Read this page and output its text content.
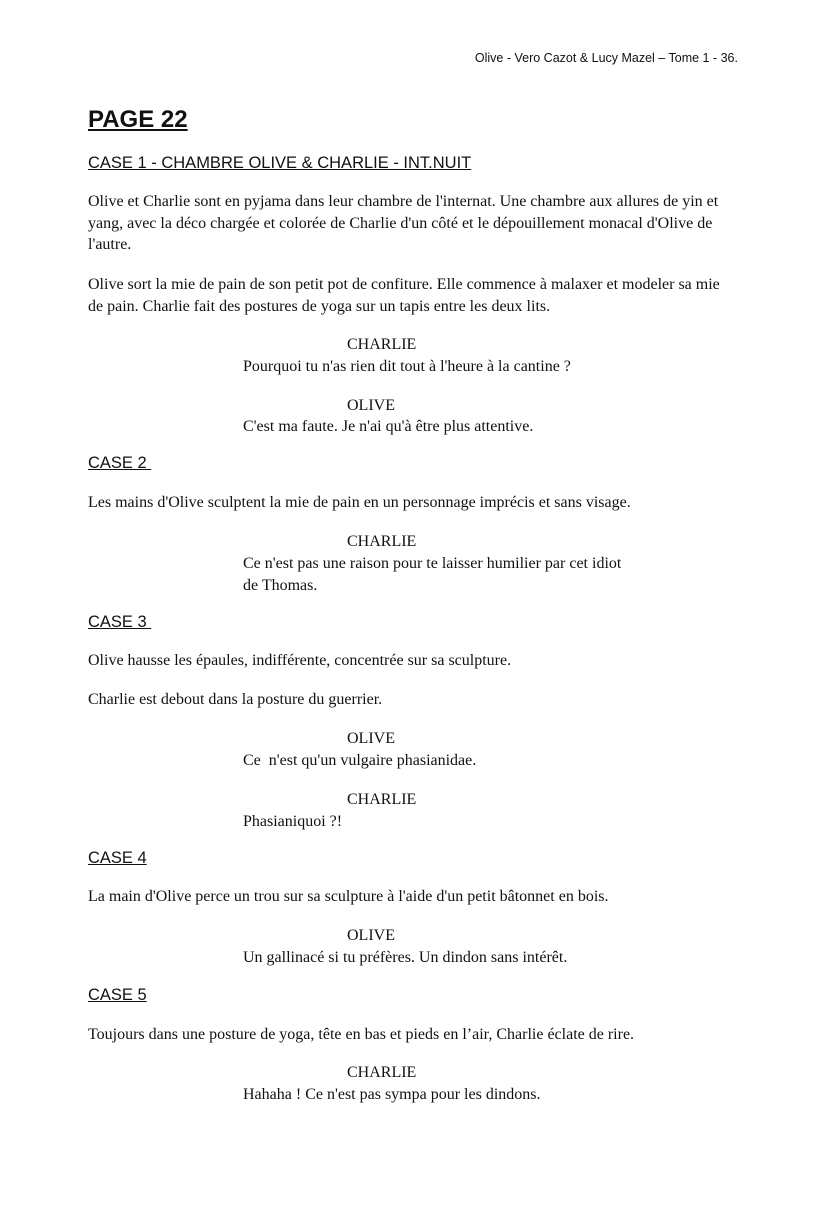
Olive - Vero Cazot & Lucy Mazel – Tome 1 - 36.
PAGE 22
CASE 1 - CHAMBRE OLIVE & CHARLIE - INT.NUIT

Olive et Charlie sont en pyjama dans leur chambre de l'internat. Une chambre aux allures de yin et yang, avec la déco chargée et colorée de Charlie d'un côté et le dépouillement monacal d'Olive de l'autre.

Olive sort la mie de pain de son petit pot de confiture. Elle commence à malaxer et modeler sa mie de pain. Charlie fait des postures de yoga sur un tapis entre les deux lits.

CHARLIE

Pourquoi tu n'as rien dit tout à l'heure à la cantine ?

OLIVE

C'est ma faute. Je n'ai qu'à être plus attentive.

CASE 2

Les mains d'Olive sculptent la mie de pain en un personnage imprécis et sans visage.

CHARLIE

Ce n'est pas une raison pour te laisser humilier par cet idiot
de Thomas.

CASE 3

Olive hausse les épaules, indifférente, concentrée sur sa sculpture.

Charlie est debout dans la posture du guerrier.

OLIVE

Ce  n'est qu'un vulgaire phasianidae.

CHARLIE

Phasianiquoi ?!

CASE 4

La main d'Olive perce un trou sur sa sculpture à l'aide d'un petit bâtonnet en bois.

OLIVE

Un gallinacé si tu préfères. Un dindon sans intérêt.

CASE 5

Toujours dans une posture de yoga, tête en bas et pieds en l’air, Charlie éclate de rire.

CHARLIE

Hahaha ! Ce n'est pas sympa pour les dindons.
